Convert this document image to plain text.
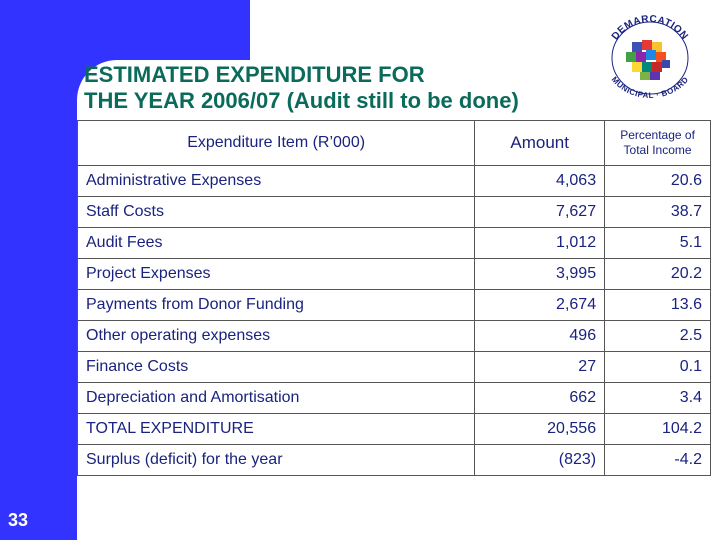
33
ESTIMATED EXPENDITURE FOR
THE YEAR 2006/07 (Audit still to be done)
DEMARCATION
MUNICIPAL · BOARD
Expenditure Item (R’000)	Amount	Percentage of
Total Income
Administrative Expenses	4,063	20.6
Staff Costs	7,627	38.7
Audit Fees	1,012	5.1
Project Expenses	3,995	20.2
Payments from Donor Funding	2,674	13.6
Other operating expenses	496	2.5
Finance Costs	27	0.1
Depreciation and Amortisation	662	3.4
TOTAL EXPENDITURE	20,556	104.2
Surplus (deficit) for the year	(823)	-4.2
